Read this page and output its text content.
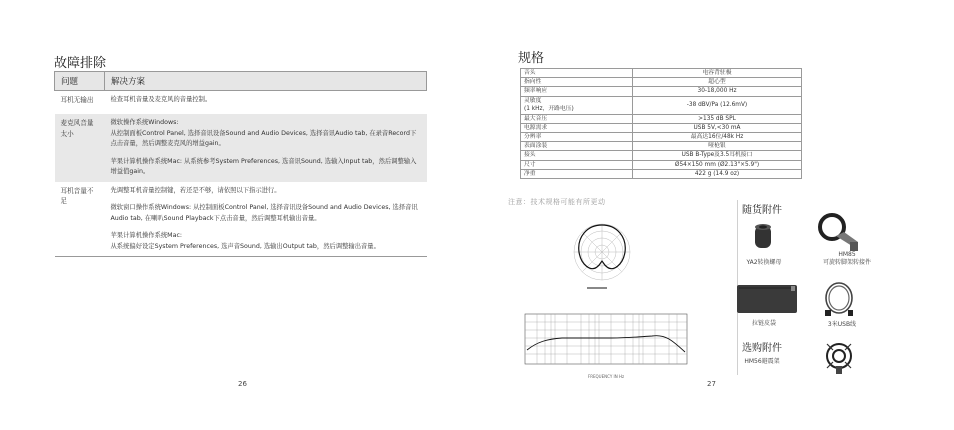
故障排除
问题	解决方案
耳机无输出	检查耳机音量及麦克风的音量控制。

麦克风音量太小	微软操作系统Windows:
从控制面板Control Panel, 选择音讯设备Sound and Audio Devices, 选择音讯Audio tab, 在录音Record下点击音量，然后调整麦克风的增益gain。

苹果计算机操作系统Mac: 从系统参考System Preferences, 选音讯Sound, 选输入Input tab，然后调整输入增益值gain。

耳机音量不足	先调整耳机音量控制键，若还是不够，请依照以下指示进行。

微软窗口操作系统Windows: 从控制面板Control Panel, 选择音讯设备Sound and Audio Devices, 选择音讯Audio tab, 在喇叭Sound Playback下点击音量，然后调整耳机输出音量。

苹果计算机操作系统Mac:
从系统偏好设定System Preferences, 选声音Sound, 选输出Output tab，然后调整输出音量。

26
规格
音头	电容背驻极
指向性	超心型
频率响应	30-18,000 Hz
灵敏度
(1 kHz，开路电压)	-38 dBV/Pa (12.6mV)
最大音压	>135 dB SPL
电源需求	USB 5V,<30 mA
分辨率	最高达16位/48k Hz
表面涂装	哑枪银
接头	USB B-Type及3.5耳机接口
尺寸	Ø54×150 mm (Ø2.13"×5.9")
净重	422 g (14.9 oz)
注意：技术规格可能有所更动
FREQUENCY IN Hz
随货附件
YA2转换螺母
HM85
可旋转脚架转接件
拉链皮袋	3米USB线
选购附件
HM56避震架
27
